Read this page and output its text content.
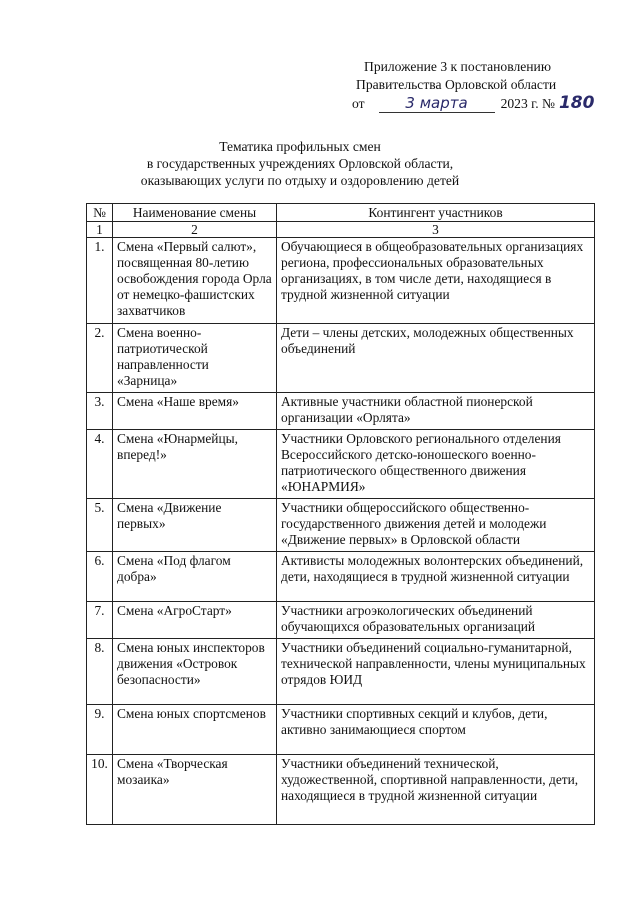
Приложение 3 к постановлению
Правительства Орловской области
от	3 марта 2023 г. № 180
Тематика профильных смен
в государственных учреждениях Орловской области,
оказывающих услуги по отдыху и оздоровлению детей
№	Наименование смены	Контингент участников
1	2	3
1.	Смена «Первый салют», посвященная 80-летию освобождения города Орла от немецко-фашистских захватчиков	Обучающиеся в общеобразовательных организациях региона, профессиональных образовательных организациях, в том числе дети, находящиеся в трудной жизненной ситуации
2.	Смена военно-патриотической направленности «Зарница»	Дети – члены детских, молодежных общественных объединений
3.	Смена «Наше время»	Активные участники областной пионерской организации «Орлята»
4.	Смена «Юнармейцы, вперед!»	Участники Орловского регионального отделения Всероссийского детско-юношеского военно-патриотического общественного движения «ЮНАРМИЯ»
5.	Смена «Движение первых»	Участники общероссийского общественно-государственного движения детей и молодежи «Движение первых» в Орловской области
6.	Смена «Под флагом добра»	Активисты молодежных волонтерских объединений, дети, находящиеся в трудной жизненной ситуации
7.	Смена «АгроСтарт»	Участники агроэкологических объединений обучающихся образовательных организаций
8.	Смена юных инспекторов движения «Островок безопасности»	Участники объединений социально-гуманитарной, технической направленности, члены муниципальных отрядов ЮИД
9.	Смена юных спортсменов	Участники спортивных секций и клубов, дети, активно занимающиеся спортом
10.	Смена «Творческая мозаика»	Участники объединений технической, художественной, спортивной направленности, дети, находящиеся в трудной жизненной ситуации
